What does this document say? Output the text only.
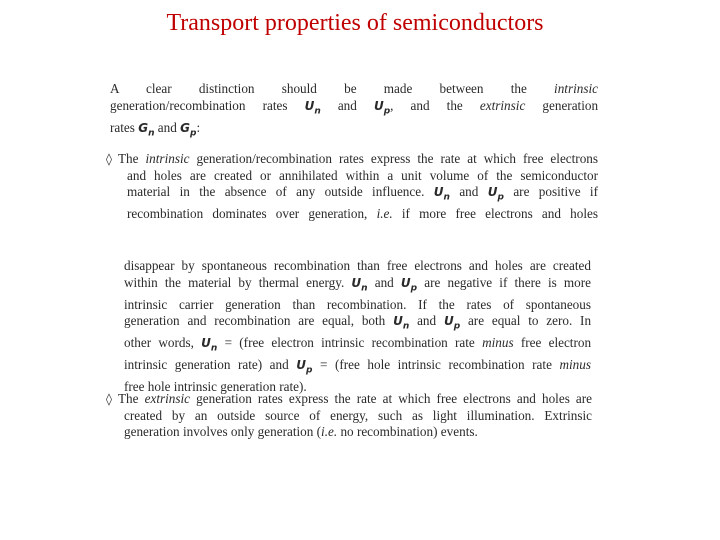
Transport properties of semiconductors
A clear distinction should be made between the intrinsic
generation/recombination rates $U_n$ and $U_p$, and the extrinsic generation
rates $G_n$ and $G_p$:
◊ The intrinsic generation/recombination rates express the rate at which free electrons
and holes are created or annihilated within a unit volume of the semiconductor
material in the absence of any outside influence. $U_n$ and $U_p$ are positive if
recombination dominates over generation, i.e. if more free electrons and holes
disappear by spontaneous recombination than free electrons and holes are created
within the material by thermal energy. $U_n$ and $U_p$ are negative if there is more
intrinsic carrier generation than recombination. If the rates of spontaneous
generation and recombination are equal, both $U_n$ and $U_p$ are equal to zero. In
other words, $U_n$ = (free electron intrinsic recombination rate minus free electron
intrinsic generation rate) and $U_p$ = (free hole intrinsic recombination rate minus
free hole intrinsic generation rate).
◊ The extrinsic generation rates express the rate at which free electrons and holes are
created by an outside source of energy, such as light illumination. Extrinsic
generation involves only generation (i.e. no recombination) events.
